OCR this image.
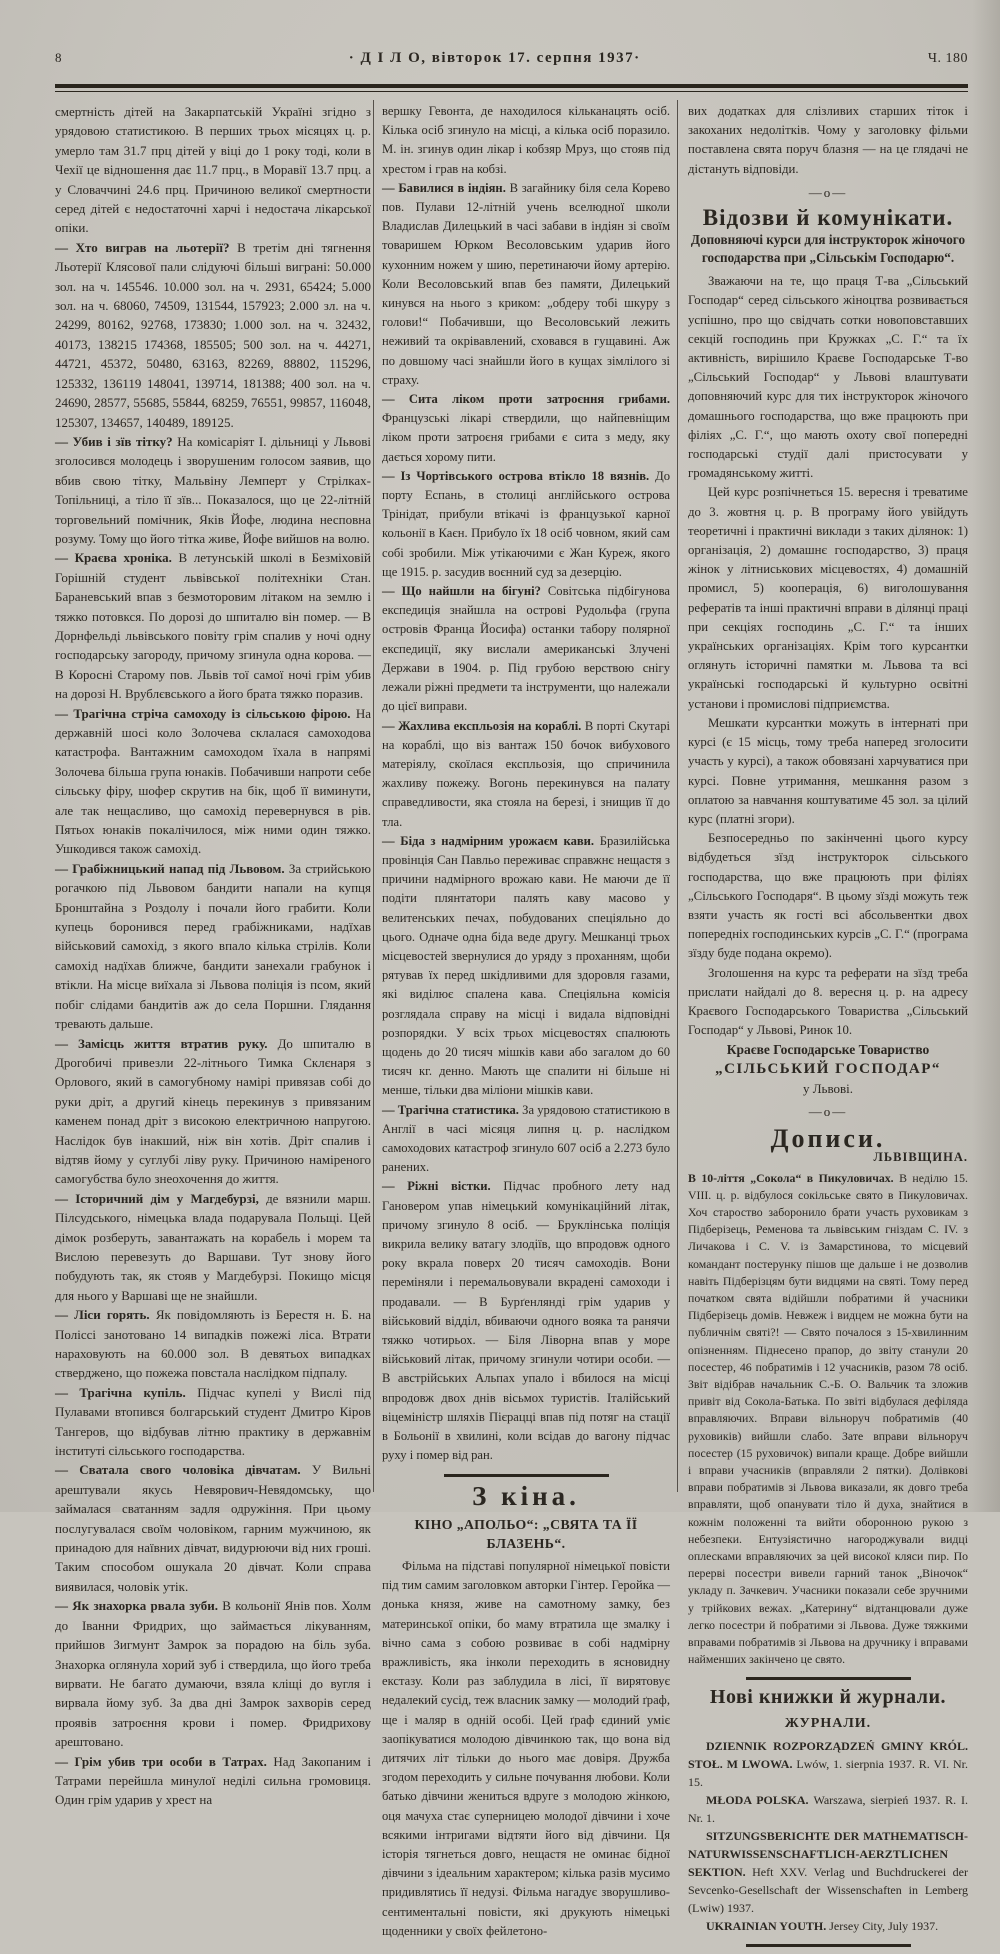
8	· Д І Л О, вівторок 17. серпня 1937·	Ч. 180

смертність дітей на Закарпатській Україні згідно з урядовою статистикою. В перших трьох місяцях ц. р. умерло там 31.7 прц дітей у віці до 1 року тоді, коли в Чехії це відношення дає 11.7 прц., в Моравії 13.7 прц. а у Словаччині 24.6 прц. Причиною великої смертности серед дітей є недостаточні харчі і недостача лікарської опіки.

— Хто виграв на льотерії? В третім дні тягнення Льотерії Клясової пали слідуючі більші виграні: 50.000 зол. на ч. 145546. 10.000 зол. на ч. 2931, 65424; 5.000 зол. на ч. 68060, 74509, 131544, 157923; 2.000 зл. на ч. 24299, 80162, 92768, 173830; 1.000 зол. на ч. 32432, 40173, 138215 174368, 185505; 500 зол. на ч. 44271, 44721, 45372, 50480, 63163, 82269, 88802, 115296, 125332, 136119 148041, 139714, 181388; 400 зол. на ч. 24690, 28577, 55685, 55844, 68259, 76551, 99857, 116048, 125307, 134657, 140489, 189125.

— Убив і зїв тітку? На комісаріят І. дільниці у Львові зголосився молодець і зворушеним голосом заявив, що вбив свою тітку, Мальвіну Лемперт у Стрілках-Топільниці, а тіло її зїв... Показалося, що це 22-літній торговельний помічник, Яків Йофе, людина несповна розуму. Тому що його тітка живе, Йофе вийшов на волю.

— Краєва хроніка. В летунській школі в Безміховій Горішній студент львівської політехніки Стан. Бараневський впав з безмоторовим літаком на землю і тяжко потовкся. По дорозі до шпиталю він помер. — В Дорнфельді львівського повіту грім спалив у ночі одну господарську загороду, причому згинула одна корова. — В Коросні Старому пов. Львів тої самої ночі грім убив на дорозі Н. Врублєвського а його брата тяжко поразив.

— Трагічна стріча самоходу із сільською фірою. На державній шосі коло Золочева склалася самоходова катастрофа. Вантажним самоходом їхала в напрямі Золочева більша група юнаків. Побачивши напроти себе сільську фіру, шофер скрутив на бік, щоб її виминути, але так нещасливо, що самохід перевернувся в рів. Пятьох юнаків покалічилося, між ними один тяжко. Ушкодився також самохід.

— Грабіжницький напад під Львовом. За стрийською рогачкою під Львовом бандити напали на купця Бронштайна з Роздолу і почали його грабити. Коли купець боронився перед грабіжниками, надїхав військовий самохід, з якого впало кілька стрілів. Коли самохід надїхав ближче, бандити занехали грабунок і втікли. На місце виїхала зі Львова поліція із псом, який побіг слідами бандитів аж до села Поршни. Глядання тревають дальше.

— Замісць життя втратив руку. До шпиталю в Дрогобичі привезли 22-літнього Тимка Склєнаря з Орлового, який в самогубному намірі привязав собі до руки дріт, а другий кінець перекинув з привязаним каменем понад дріт з високою електричною напругою. Наслідок був інакший, ніж він хотів. Дріт спалив і відтяв йому у суглубі ліву руку. Причиною наміреного самогубства було знеохочення до життя.

— Історичний дім у Магдебурзі, де вязнили марш. Пілсудського, німецька влада подарувала Польщі. Цей дімок розберуть, завантажать на корабель і морем та Вислою перевезуть до Варшави. Тут знову його побудують так, як стояв у Магдебурзі. Покищо місця для нього у Варшаві ще не знайшли.

— Ліси горять. Як повідомляють із Берестя н. Б. на Поліссі занотовано 14 випадків пожежі ліса. Втрати нараховують на 60.000 зол. В девятьох випадках стверджено, що пожежа повстала наслідком підпалу.

— Трагічна купіль. Підчас купелі у Вислі під Пулавами втопився болгарський студент Дмитро Кіров Тангеров, що відбував літню практику в державнім інституті сільського господарства.

— Сватала свого чоловіка дівчатам. У Вильні арештували якусь Невярович-Невядомську, що займалася сватанням задля одружіння. При цьому послугувалася своїм чоловіком, гарним мужчиною, як принадою для наївних дівчат, видурюючи від них гроші. Таким способом ошукала 20 дівчат. Коли справа виявилася, чоловік утік.

— Як знахорка рвала зуби. В кольонії Янів пов. Холм до Іванни Фридрих, що займається лікуванням, прийшов Зигмунт Замрок за порадою на біль зуба. Знахорка оглянула хорий зуб і ствердила, що його треба вирвати. Не багато думаючи, взяла кліщі до вугля і вирвала йому зуб. За два дні Замрок захворів серед проявів затроєння крови і помер. Фридрихову арештовано.

— Грім убив три особи в Татрах. Над Закопаним і Татрами перейшла минулої неділі сильна громовиця. Один грім ударив у хрест на

вершку Гевонта, де находилося кільканацять осіб. Кілька осіб згинуло на місці, а кілька осіб поразило. М. ін. згинув один лікар і кобзяр Мруз, що стояв під хрестом і грав на кобзі.

— Бавилися в індіян. В загайнику біля села Корево пов. Пулави 12-літній учень вселюдної школи Владислав Дилецький в часі забави в індіян зі своїм товаришем Юрком Весоловським ударив його кухонним ножем у шию, перетинаючи йому артерію. Коли Весоловський впав без памяти, Дилецький кинувся на нього з криком: „обдеру тобі шкуру з голови!“ Побачивши, що Весоловський лежить неживий та окрівавлений, сховався в гущавині. Аж по довшому часі знайшли його в кущах зімлілого зі страху.

— Сита ліком проти затроєння грибами. Французські лікарі ствердили, що найпевніщим ліком проти затроєня грибами є сита з меду, яку дається хорому пити.

— Із Чортівського острова втікло 18 вязнів. До порту Еспань, в столиці англійського острова Трінідат, прибули втікачі із французької карної кольонії в Каєн. Прибуло їх 18 осіб човном, який сам собі зробили. Між утікаючими є Жан Куреж, якого ще 1915. р. засудив воєнний суд за дезерцію.

— Що найшли на бігуні? Совітська підбігунова експедиція знайшла на острові Рудольфа (група островів Франца Йосифа) останки табору полярної експедиції, яку вислали американські Злучені Держави в 1904. р. Під грубою верствою снігу лежали ріжні предмети та інструменти, що належали до цієї виправи.

— Жахлива експльозія на кораблі. В порті Скутарі на кораблі, що віз вантаж 150 бочок вибухового матеріялу, скоїлася експльозія, що спричинила жахливу пожежу. Вогонь перекинувся на палату справедливости, яка стояла на березі, і знищив її до тла.

— Біда з надмірним урожаєм кави. Бразилійська провінція Сан Павльо переживає справжнє нещастя з причини надмірного врожаю кави. Не маючи де її подіти плянтатори палять каву масово у велитенських печах, побудованих спеціяльно до цього. Одначе одна біда веде другу. Мешканці трьох місцевостей звернулися до уряду з проханням, щоби рятував їх перед шкідливими для здоровля газами, які виділює спалена кава. Спеціяльна комісія розглядала справу на місці і видала відповідні розпорядки. У всіх трьох місцевостях спалюють щодень до 20 тисяч мішків кави або загалом до 60 тисяч кг. денно. Мають ще спалити ні більше ні менше, тільки два міліони мішків кави.

— Трагічна статистика. За урядовою статистикою в Англії в часі місяця липня ц. р. наслідком самоходових катастроф згинуло 607 осіб а 2.273 було ранених.

— Ріжні вістки. Підчас пробного лету над Гановером упав німецький комунікаційний літак, причому згинуло 8 осіб. — Бруклінська поліція викрила велику ватагу злодіїв, що впродовж одного року вкрала поверх 20 тисяч самоходів. Вони переміняли і перемальовували вкрадені самоходи і продавали. — В Бурґенлянді грім ударив у військовий відділ, вбиваючи одного вояка та ранячи тяжко чотирьох. — Біля Ліворна впав у море військовий літак, причому згинули чотири особи. — В австрійських Альпах упало і вбилося на місці впродовж двох днів вісьмох туристів. Італійський віцеміністр шляхів Пієрацці впав під потяг на стації в Больонії в хвилині, коли всідав до вагону підчас руху і помер від ран.

З кіна.

КІНО „АПОЛЬО“: „СВЯТА ТА ЇЇ БЛАЗЕНЬ“.

Фільма на підставі популярної німецької повісти під тим самим заголовком авторки Гінтер. Геройка — донька князя, живе на самотному замку, без материнської опіки, бо маму втратила ще змалку і вічно сама з собою розвиває в собі надмірну вражливість, яка інколи переходить в ясновидну екстазу. Коли раз заблудила в лісі, її вирятовує недалекий сусід, теж власник замку — молодий ґраф, ще і маляр в одній особі. Цей ґраф єдиний уміє заопікуватися молодою дівчинкою так, що вона від дитячих літ тільки до нього має довіря. Дружба згодом переходить у сильне почування любови. Коли батько дівчини жениться вдруге з молодою жінкою, оця мачуха стає суперницею молодої дівчини і хоче всякими інтригами відтяти його від дівчини. Ця історія тягнеться довго, нещастя не оминає бідної дівчини з ідеальним характером; кілька разів мусимо придивлятись її недузі. Фільма нагадує зворушливо-сентиментальні повісти, які друкують німецькі щоденники у своїх фейлетоно-

вих додатках для слізливих старших тіток і закоханих недолітків. Чому у заголовку фільми поставлена свята поруч блазня — на це глядачі не дістануть відповіди.

—о—

Відозви й комунікати.

Доповняючі курси для інструкторок жіночого господарства при „Сільськім Господарю“.

Зважаючи на те, що праця Т-ва „Сільський Господар“ серед сільського жіноцтва розвивається успішно, про що свідчать сотки новоповставших секцій господинь при Кружках „С. Г.“ та їх активність, вирішило Краєве Господарське Т-во „Сільський Господар“ у Львові влаштувати доповняючий курс для тих інструкторок жіночого домашнього господарства, що вже працюють при філіях „С. Г.“, що мають охоту свої попередні господарські студії далі пристосувати у громадянському житті.

Цей курс розпічнеться 15. вересня і треватиме до 3. жовтня ц. р. В програму його увійдуть теоретичні і практичні виклади з таких ділянок: 1) організація, 2) домашнє господарство, 3) праця жінок у літниськових місцевостях, 4) домашній промисл, 5) кооперація, 6) виголошування рефератів та інші практичні вправи в ділянці праці при секціях господинь „С. Г.“ та інших українських організаціях. Крім того курсантки оглянуть історичні памятки м. Львова та всі українські господарські й культурно освітні установи і промислові підприємства.

Мешкати курсантки можуть в інтернаті при курсі (є 15 місць, тому треба наперед зголосити участь у курсі), а також обовязані харчуватися при курсі. Повне утримання, мешкання разом з оплатою за навчання коштуватиме 45 зол. за цілий курс (платні згори).

Безпосередньо по закінченні цього курсу відбудеться зїзд інструкторок сільського господарства, що вже працюють при філіях „Сільського Господаря“. В цьому зїзді можуть теж взяти участь як гості всі абсольвентки двох попередніх господинських курсів „С. Г.“ (програма зїзду буде подана окремо).

Зголошення на курс та реферати на зїзд треба прислати найдалі до 8. вересня ц. р. на адресу Краєвого Господарського Товариства „Сільський Господар“ у Львові, Ринок 10.

Краєве Господарське Товариство
„СІЛЬСЬКИЙ ГОСПОДАР“
у Львові.

—о—

Дописи.

ЛЬВІВЩИНА.

В 10-ліття „Сокола“ в Пикуловичах. В неділю 15. VIII. ц. р. відбулося сокільське свято в Пикуловичах. Хоч староство заборонило брати участь руховикам з Підберізець, Ременова та львівським гніздам С. ІV. з Личакова і С. V. із Замарстинова, то місцевий командант постерунку пішов ще дальше і не дозволив навіть Підберізцям бути видцями на святі. Тому перед початком свята відійшли побратими й учасники Підберізець домів. Невжеж і видцем не можна бути на публичнім святі?! — Свято почалося з 15-хвилинним опізненням. Піднесено прапор, до звіту станули 20 посестер, 46 побратимів і 12 учасників, разом 78 осіб. Звіт відібрав начальник С.-Б. О. Вальчик та зложив привіт від Сокола-Батька. По звіті відбулася дефіляда вправляючих. Вправи вільноруч побратимів (40 руховиків) вийшли слабо. Зате вправи вільноруч посестер (15 руховичок) випали краще. Добре вийшли і вправи учасників (вправляли 2 пятки). Долівкові вправи побратимів зі Львова виказали, як довго треба вправляти, щоб опанувати тіло й духа, знайтися в кожнім положенні та вийти оборонною рукою з небезпеки. Ентузіястично нагороджували видці оплесками вправляючих за цей високої кляси пир. По перерві посестри вивели гарний танок „Віночок“ укладу п. Зачкевич. Учасники показали себе зручними у трійкових вежах. „Катерину“ відтанцювали дуже легко посестри й побратими зі Львова. Дуже тяжкими вправами побратимів зі Львова на дручнику і вправами найменших закінчено це свято.

Нові книжки й журнали.

ЖУРНАЛИ.

DZIENNIK ROZPORZĄDZEŃ GMINY KRÓL. STOŁ. M LWOWA. Lwów, 1. sierpnia 1937. R. VI. Nr. 15.

MŁODA POLSKA. Warszawa, sierpień 1937. R. I. Nr. 1.

SITZUNGSBERICHTE DER MATHEMATISCH-NATURWISSENSCHAFTLICH-AERZTLICHEN SEKTION. Heft XXV. Verlag und Buchdruckerei der Sevcenko-Gesellschaft der Wissenschaften in Lemberg (Lwiw) 1937.

UKRAINIAN YOUTH. Jersey City, July 1937.
